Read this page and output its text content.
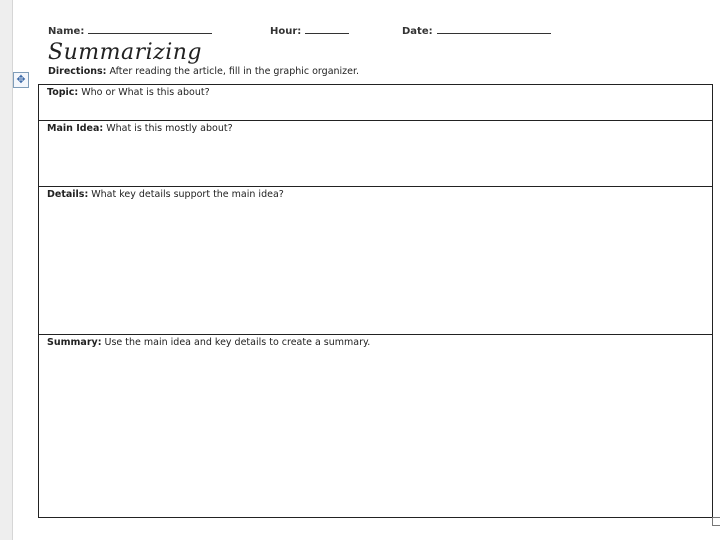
Name:	Hour:	Date:
Summarizing
Directions: After reading the article, fill in the graphic organizer.
✥
Topic: Who or What is this about?
Main Idea: What is this mostly about?
Details: What key details support the main idea?
Summary: Use the main idea and key details to create a summary.
